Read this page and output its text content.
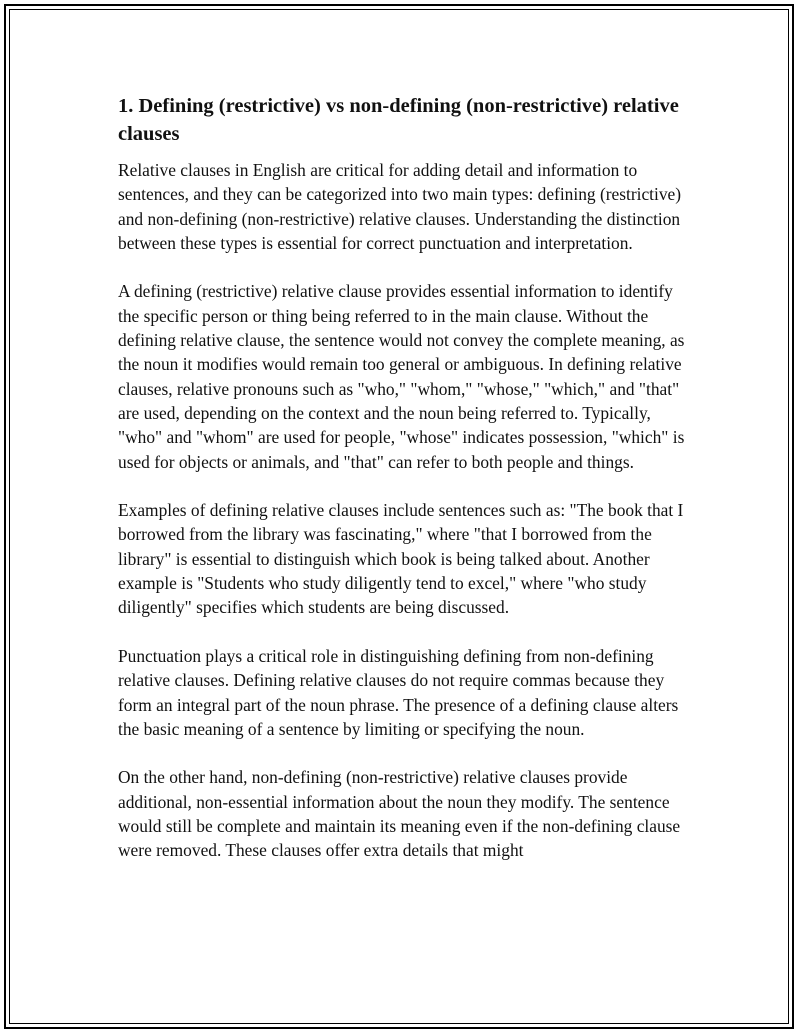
1. Defining (restrictive) vs non-defining (non-restrictive) relative clauses

Relative clauses in English are critical for adding detail and information to sentences, and they can be categorized into two main types: defining (restrictive) and non-defining (non-restrictive) relative clauses. Understanding the distinction between these types is essential for correct punctuation and interpretation.

A defining (restrictive) relative clause provides essential information to identify the specific person or thing being referred to in the main clause. Without the defining relative clause, the sentence would not convey the complete meaning, as the noun it modifies would remain too general or ambiguous. In defining relative clauses, relative pronouns such as "who," "whom," "whose," "which," and "that" are used, depending on the context and the noun being referred to. Typically, "who" and "whom" are used for people, "whose" indicates possession, "which" is used for objects or animals, and "that" can refer to both people and things.

Examples of defining relative clauses include sentences such as: "The book that I borrowed from the library was fascinating," where "that I borrowed from the library" is essential to distinguish which book is being talked about. Another example is "Students who study diligently tend to excel," where "who study diligently" specifies which students are being discussed.

Punctuation plays a critical role in distinguishing defining from non-defining relative clauses. Defining relative clauses do not require commas because they form an integral part of the noun phrase. The presence of a defining clause alters the basic meaning of a sentence by limiting or specifying the noun.

On the other hand, non-defining (non-restrictive) relative clauses provide additional, non-essential information about the noun they modify. The sentence would still be complete and maintain its meaning even if the non-defining clause were removed. These clauses offer extra details that might
